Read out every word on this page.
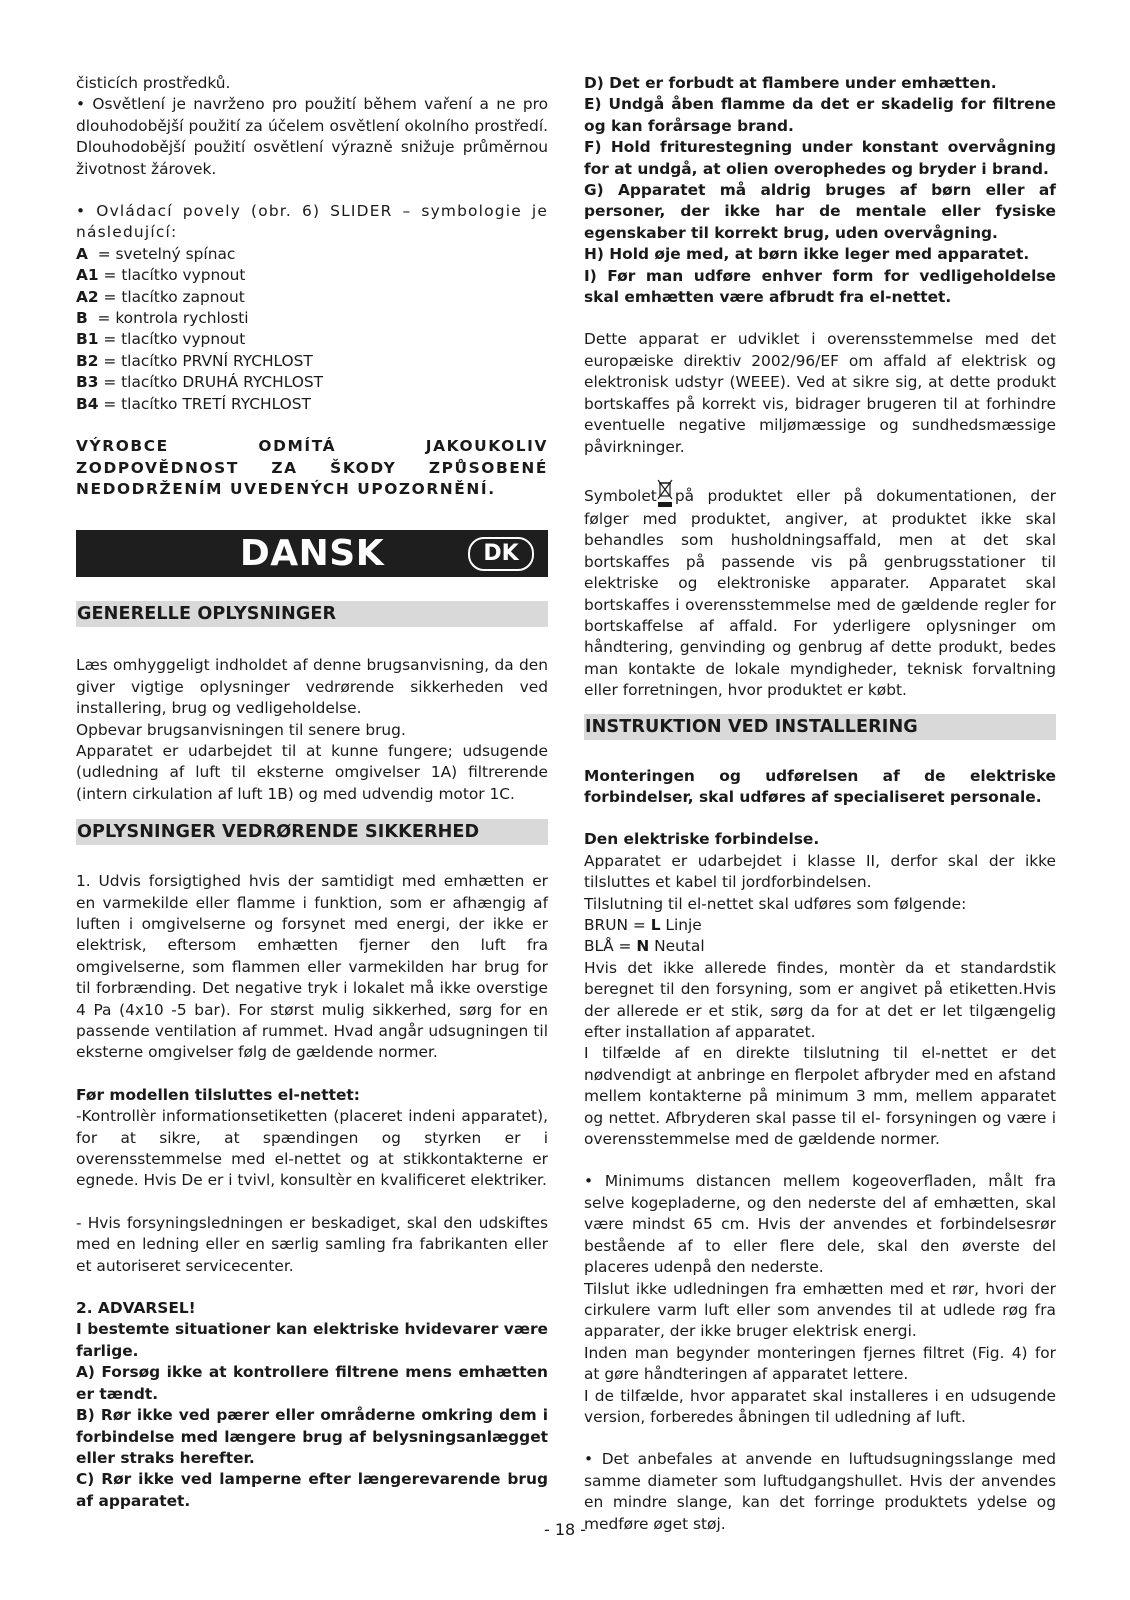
čisticích prostředků.

• Osvětlení je navrženo pro použití během vaření a ne pro dlouhodobější použití za účelem osvětlení okolního prostředí. Dlouhodobější použití osvětlení výrazně snižuje průměrnou životnost žárovek.

• Ovládací povely (obr. 6) SLIDER – symbologie je následující:

A = svetelný spínac

A1 = tlacítko vypnout

A2 = tlacítko zapnout

B = kontrola rychlosti

B1 = tlacítko vypnout

B2 = tlacítko PRVNÍ RYCHLOST

B3 = tlacítko DRUHÁ RYCHLOST

B4 = tlacítko TRETÍ RYCHLOST

VÝROBCE ODMÍTÁ JAKOUKOLIV ZODPOVĚDNOST ZA ŠKODY ZPŮSOBENÉ NEDODRŽENÍM UVEDENÝCH UPOZORNĚNÍ.

DANSK	DK
GENERELLE OPLYSNINGER

Læs omhyggeligt indholdet af denne brugsanvisning, da den giver vigtige oplysninger vedrørende sikkerheden ved installering, brug og vedligeholdelse.

Opbevar brugsanvisningen til senere brug.

Apparatet er udarbejdet til at kunne fungere; udsugende (udledning af luft til eksterne omgivelser 1A) filtrerende (intern cirkulation af luft 1B) og med udvendig motor 1C.

OPLYSNINGER VEDRØRENDE SIKKERHED

1. Udvis forsigtighed hvis der samtidigt med emhætten er en varmekilde eller flamme i funktion, som er afhængig af luften i omgivelserne og forsynet med energi, der ikke er elektrisk, eftersom emhætten fjerner den luft fra omgivelserne, som flammen eller varmekilden har brug for til forbrænding. Det negative tryk i lokalet må ikke overstige 4 Pa (4x10 -5 bar). For størst mulig sikkerhed, sørg for en passende ventilation af rummet. Hvad angår udsugningen til eksterne omgivelser følg de gældende normer.

Før modellen tilsluttes el-nettet:

-Kontrollèr informationsetiketten (placeret indeni apparatet), for at sikre, at spændingen og styrken er i overensstemmelse med el-nettet og at stikkontakterne er egnede. Hvis De er i tvivl, konsultèr en kvalificeret elektriker.

- Hvis forsyningsledningen er beskadiget, skal den udskiftes med en ledning eller en særlig samling fra fabrikanten eller et autoriseret servicecenter.

2. ADVARSEL!

I bestemte situationer kan elektriske hvidevarer være farlige.

A) Forsøg ikke at kontrollere filtrene mens emhætten er tændt.

B) Rør ikke ved pærer eller områderne omkring dem i forbindelse med længere brug af belysningsanlægget eller straks herefter.

C) Rør ikke ved lamperne efter længerevarende brug af apparatet.

D) Det er forbudt at flambere under emhætten.

E) Undgå åben flamme da det er skadelig for filtrene og kan forårsage brand.

F) Hold friturestegning under konstant overvågning for at undgå, at olien overophedes og bryder i brand.

G) Apparatet må aldrig bruges af børn eller af personer, der ikke har de mentale eller fysiske egenskaber til korrekt brug, uden overvågning.

H) Hold øje med, at børn ikke leger med apparatet.

I) Før man udføre enhver form for vedligeholdelse skal emhætten være afbrudt fra el-nettet.

Dette apparat er udviklet i overensstemmelse med det europæiske direktiv 2002/96/EF om affald af elektrisk og elektronisk udstyr (WEEE). Ved at sikre sig, at dette produkt bortskaffes på korrekt vis, bidrager brugeren til at forhindre eventuelle negative miljømæssige og sundhedsmæssige påvirkninger.

Symbolet på produktet eller på dokumentationen, der følger med produktet, angiver, at produktet ikke skal behandles som husholdningsaffald, men at det skal bortskaffes på passende vis på genbrugsstationer til elektriske og elektroniske apparater. Apparatet skal bortskaffes i overensstemmelse med de gældende regler for bortskaffelse af affald. For yderligere oplysninger om håndtering, genvinding og genbrug af dette produkt, bedes man kontakte de lokale myndigheder, teknisk forvaltning eller forretningen, hvor produktet er købt.

INSTRUKTION VED INSTALLERING

Monteringen og udførelsen af de elektriske forbindelser, skal udføres af specialiseret personale.

Den elektriske forbindelse.

Apparatet er udarbejdet i klasse II, derfor skal der ikke tilsluttes et kabel til jordforbindelsen.

Tilslutning til el-nettet skal udføres som følgende:

BRUN = L Linje

BLÅ = N Neutal

Hvis det ikke allerede findes, montèr da et standardstik beregnet til den forsyning, som er angivet på etiketten.Hvis der allerede er et stik, sørg da for at det er let tilgængelig efter installation af apparatet.

I tilfælde af en direkte tilslutning til el-nettet er det nødvendigt at anbringe en flerpolet afbryder med en afstand mellem kontakterne på minimum 3 mm, mellem apparatet og nettet. Afbryderen skal passe til el- forsyningen og være i overensstemmelse med de gældende normer.

• Minimums distancen mellem kogeoverfladen, målt fra selve kogepladerne, og den nederste del af emhætten, skal være mindst 65 cm. Hvis der anvendes et forbindelsesrør bestående af to eller flere dele, skal den øverste del placeres udenpå den nederste.

Tilslut ikke udledningen fra emhætten med et rør, hvori der cirkulere varm luft eller som anvendes til at udlede røg fra apparater, der ikke bruger elektrisk energi.

Inden man begynder monteringen fjernes filtret (Fig. 4) for at gøre håndteringen af apparatet lettere.

I de tilfælde, hvor apparatet skal installeres i en udsugende version, forberedes åbningen til udledning af luft.

• Det anbefales at anvende en luftudsugningsslange med samme diameter som luftudgangshullet. Hvis der anvendes en mindre slange, kan det forringe produktets ydelse og medføre øget støj.

- 18 -
